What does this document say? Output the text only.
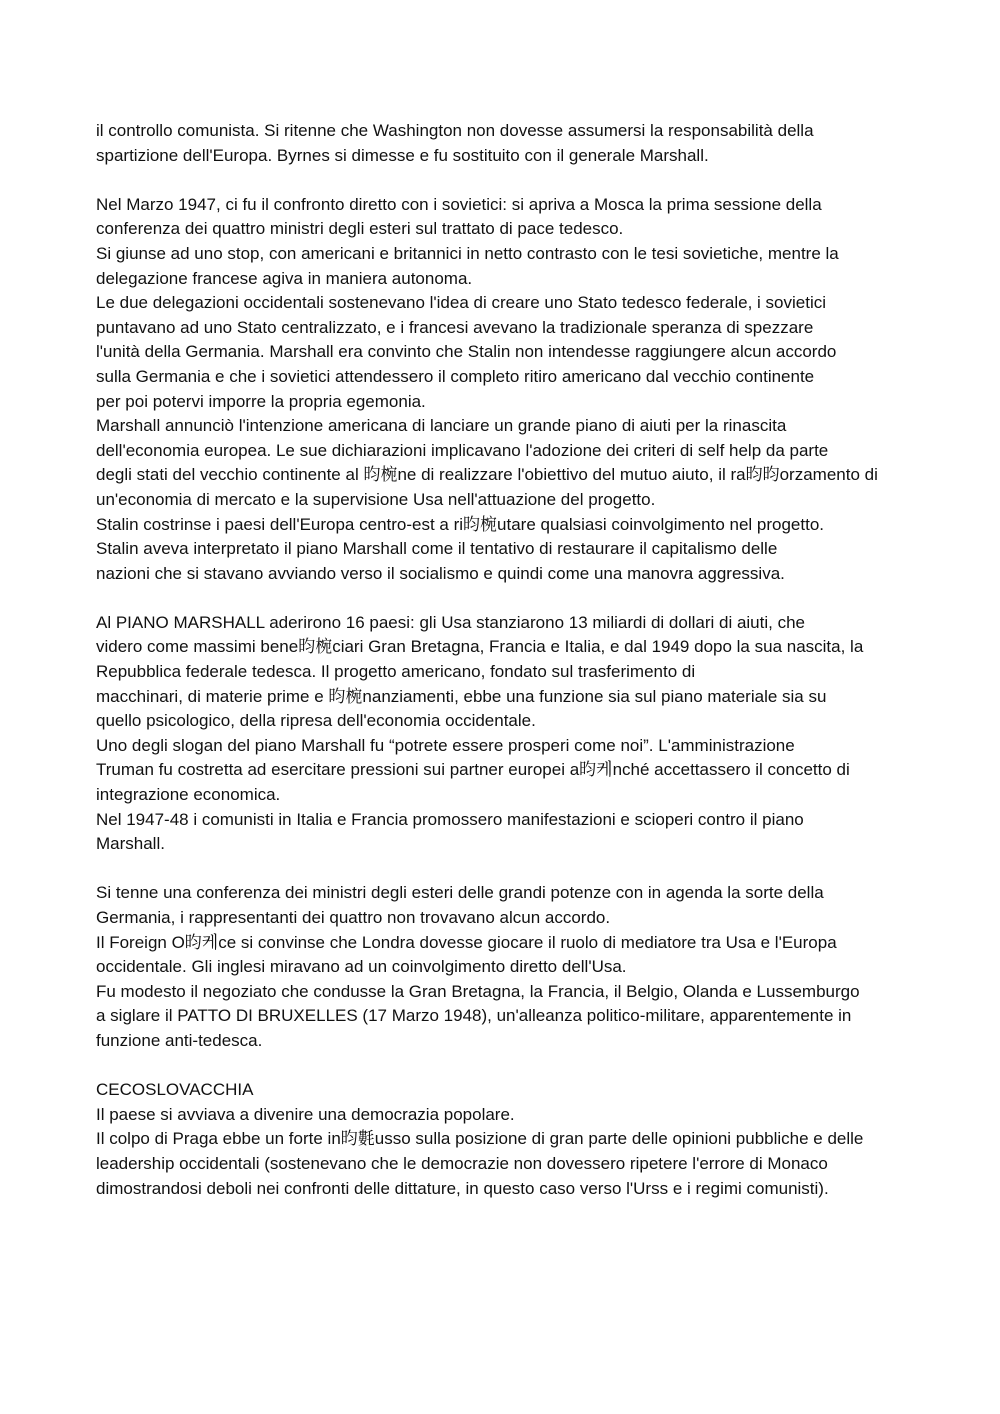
il controllo comunista. Si ritenne che Washington non dovesse assumersi la responsabilità della
spartizione dell'Europa. Byrnes si dimesse e fu sostituito con il generale Marshall.
Nel Marzo 1947, ci fu il confronto diretto con i sovietici: si apriva a Mosca la prima sessione della
conferenza dei quattro ministri degli esteri sul trattato di pace tedesco.
Si giunse ad uno stop, con americani e britannici in netto contrasto con le tesi sovietiche, mentre la
delegazione francese agiva in maniera autonoma.
Le due delegazioni occidentali sostenevano l'idea di creare uno Stato tedesco federale, i sovietici
puntavano ad uno Stato centralizzato, e i francesi avevano la tradizionale speranza di spezzare
l'unità della Germania. Marshall era convinto che Stalin non intendesse raggiungere alcun accordo
sulla Germania e che i sovietici attendessero il completo ritiro americano dal vecchio continente
per poi potervi imporre la propria egemonia.
Marshall annunciò l'intenzione americana di lanciare un grande piano di aiuti per la rinascita
dell'economia europea. Le sue dichiarazioni implicavano l'adozione dei criteri di self help da parte
degli stati del vecchio continente al 昀椀ne di realizzare l'obiettivo del mutuo aiuto, il ra昀昀orzamento di
un'economia di mercato e la supervisione Usa nell'attuazione del progetto.
Stalin costrinse i paesi dell'Europa centro-est a ri昀椀utare qualsiasi coinvolgimento nel progetto.
Stalin aveva interpretato il piano Marshall come il tentativo di restaurare il capitalismo delle
nazioni che si stavano avviando verso il socialismo e quindi come una manovra aggressiva.
Al PIANO MARSHALL aderirono 16 paesi: gli Usa stanziarono 13 miliardi di dollari di aiuti, che
videro come massimi bene昀椀ciari Gran Bretagna, Francia e Italia, e dal 1949 dopo la sua nascita, la
Repubblica federale tedesca. Il progetto americano, fondato sul trasferimento di
macchinari, di materie prime e 昀椀nanziamenti, ebbe una funzione sia sul piano materiale sia su
quello psicologico, della ripresa dell'economia occidentale.
Uno degli slogan del piano Marshall fu “potrete essere prosperi come noi”. L'amministrazione
Truman fu costretta ad esercitare pressioni sui partner europei a昀케nché accettassero il concetto di
integrazione economica.
Nel 1947-48 i comunisti in Italia e Francia promossero manifestazioni e scioperi contro il piano
Marshall.
Si tenne una conferenza dei ministri degli esteri delle grandi potenze con in agenda la sorte della
Germania, i rappresentanti dei quattro non trovavano alcun accordo.
Il Foreign O昀케ce si convinse che Londra dovesse giocare il ruolo di mediatore tra Usa e l'Europa
occidentale. Gli inglesi miravano ad un coinvolgimento diretto dell'Usa.
Fu modesto il negoziato che condusse la Gran Bretagna, la Francia, il Belgio, Olanda e Lussemburgo
a siglare il PATTO DI BRUXELLES (17 Marzo 1948), un'alleanza politico-militare, apparentemente in
funzione anti-tedesca.
CECOSLOVACCHIA
Il paese si avviava a divenire una democrazia popolare.
Il colpo di Praga ebbe un forte in昀氀usso sulla posizione di gran parte delle opinioni pubbliche e delle
leadership occidentali (sostenevano che le democrazie non dovessero ripetere l'errore di Monaco
dimostrandosi deboli nei confronti delle dittature, in questo caso verso l'Urss e i regimi comunisti).
